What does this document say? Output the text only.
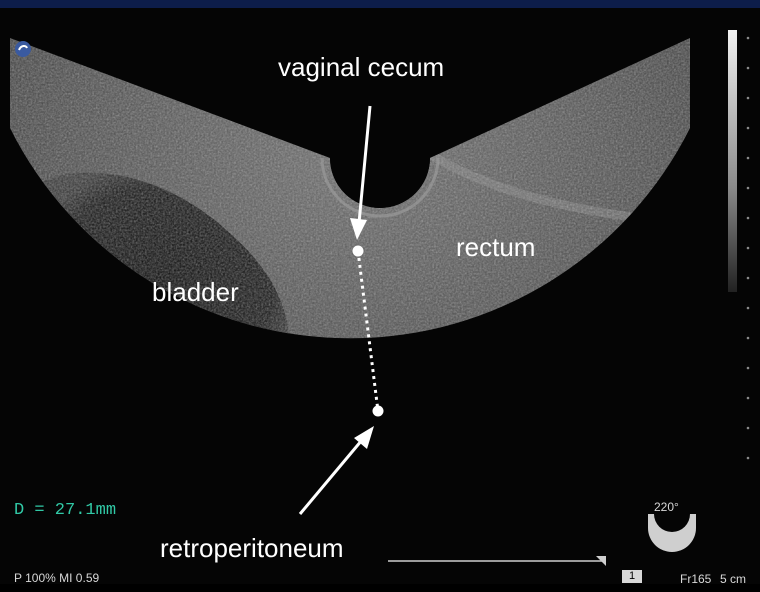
vaginal cecum
rectum
bladder
retroperitoneum
D = 27.1mm
P 100% MI 0.59
220°
1	Fr165 5 cm
